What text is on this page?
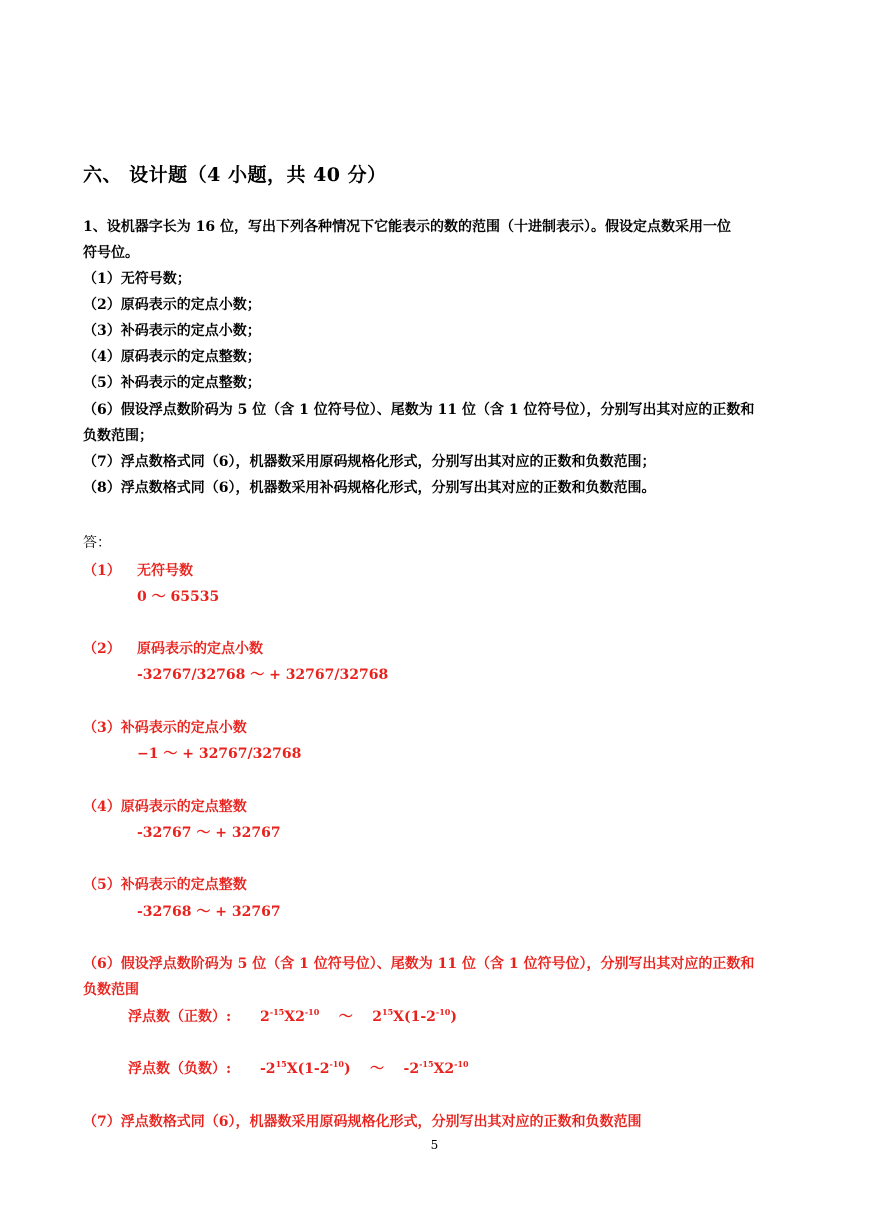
六、 设计题（4 小题，共 40 分）
1、设机器字长为 16 位，写出下列各种情况下它能表示的数的范围（十进制表示）。假设定点数采用一位
符号位。
（1）无符号数；
（2）原码表示的定点小数；
（3）补码表示的定点小数；
（4）原码表示的定点整数；
（5）补码表示的定点整数；
（6）假设浮点数阶码为 5 位（含 1 位符号位）、尾数为 11 位（含 1 位符号位），分别写出其对应的正数和
负数范围；
（7）浮点数格式同（6），机器数采用原码规格化形式，分别写出其对应的正数和负数范围；
（8）浮点数格式同（6），机器数采用补码规格化形式，分别写出其对应的正数和负数范围。
答：
（1） 无符号数
0 ～ 65535
（2） 原码表示的定点小数
-32767/32768 ～ + 32767/32768
（3）补码表示的定点小数
−1 ～ + 32767/32768
（4）原码表示的定点整数
-32767 ～ + 32767
（5）补码表示的定点整数
-32768 ～ + 32767
（6）假设浮点数阶码为 5 位（含 1 位符号位）、尾数为 11 位（含 1 位符号位），分别写出其对应的正数和
负数范围
浮点数（正数）: $2^{-15}X2^{-10}$    ～    $2^{15}X(1-2^{-10})$
浮点数（负数）: $-2^{15}X(1-2^{-10})$    ～    $-2^{-15}X2^{-10}$
（7）浮点数格式同（6），机器数采用原码规格化形式，分别写出其对应的正数和负数范围
5
